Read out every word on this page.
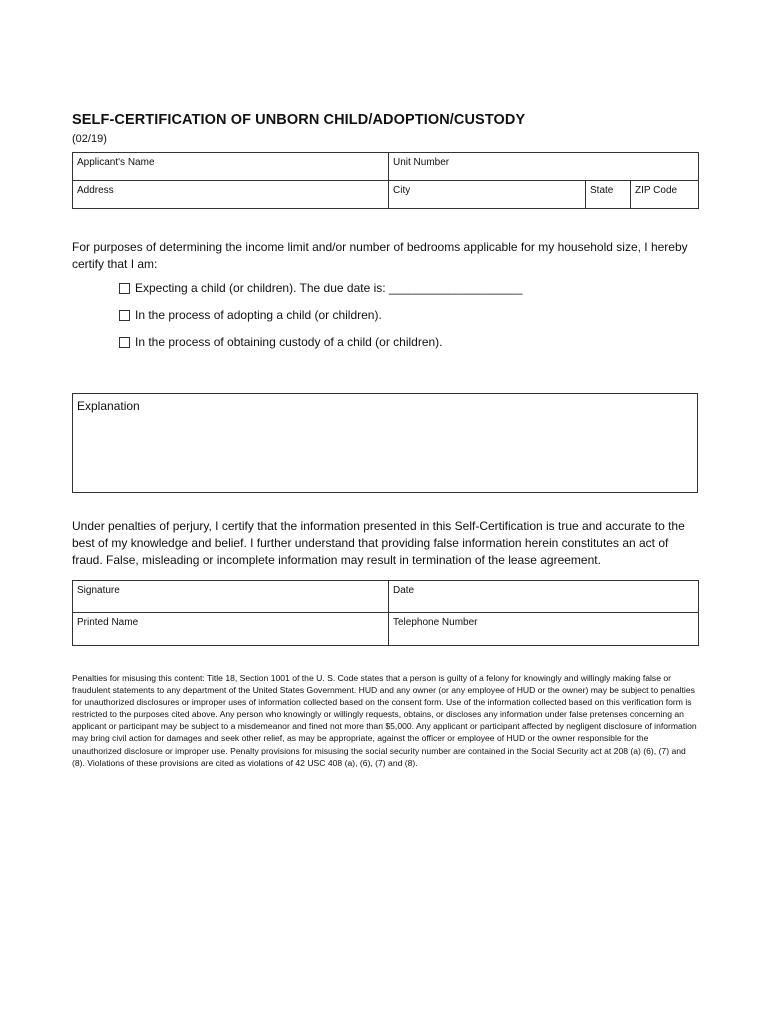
SELF-CERTIFICATION OF UNBORN CHILD/ADOPTION/CUSTODY
(02/19)
Applicant's Name	Unit Number		
Address	City	State	ZIP Code
For purposes of determining the income limit and/or number of bedrooms applicable for my household size, I hereby certify that I am:
Expecting a child (or children). The due date is: ____________________
In the process of adopting a child (or children).
In the process of obtaining custody of a child (or children).
Explanation
Under penalties of perjury, I certify that the information presented in this Self-Certification is true and accurate to the best of my knowledge and belief. I further understand that providing false information herein constitutes an act of fraud. False, misleading or incomplete information may result in termination of the lease agreement.
Signature	Date
Printed Name	Telephone Number
Penalties for misusing this content: Title 18, Section 1001 of the U. S. Code states that a person is guilty of a felony for knowingly and willingly making false or fraudulent statements to any department of the United States Government. HUD and any owner (or any employee of HUD or the owner) may be subject to penalties for unauthorized disclosures or improper uses of information collected based on the consent form. Use of the information collected based on this verification form is restricted to the purposes cited above. Any person who knowingly or willingly requests, obtains, or discloses any information under false pretenses concerning an applicant or participant may be subject to a misdemeanor and fined not more than $5,000. Any applicant or participant affected by negligent disclosure of information may bring civil action for damages and seek other relief, as may be appropriate, against the officer or employee of HUD or the owner responsible for the unauthorized disclosure or improper use. Penalty provisions for misusing the social security number are contained in the Social Security act at 208 (a) (6), (7) and (8). Violations of these provisions are cited as violations of 42 USC 408 (a), (6), (7) and (8).
